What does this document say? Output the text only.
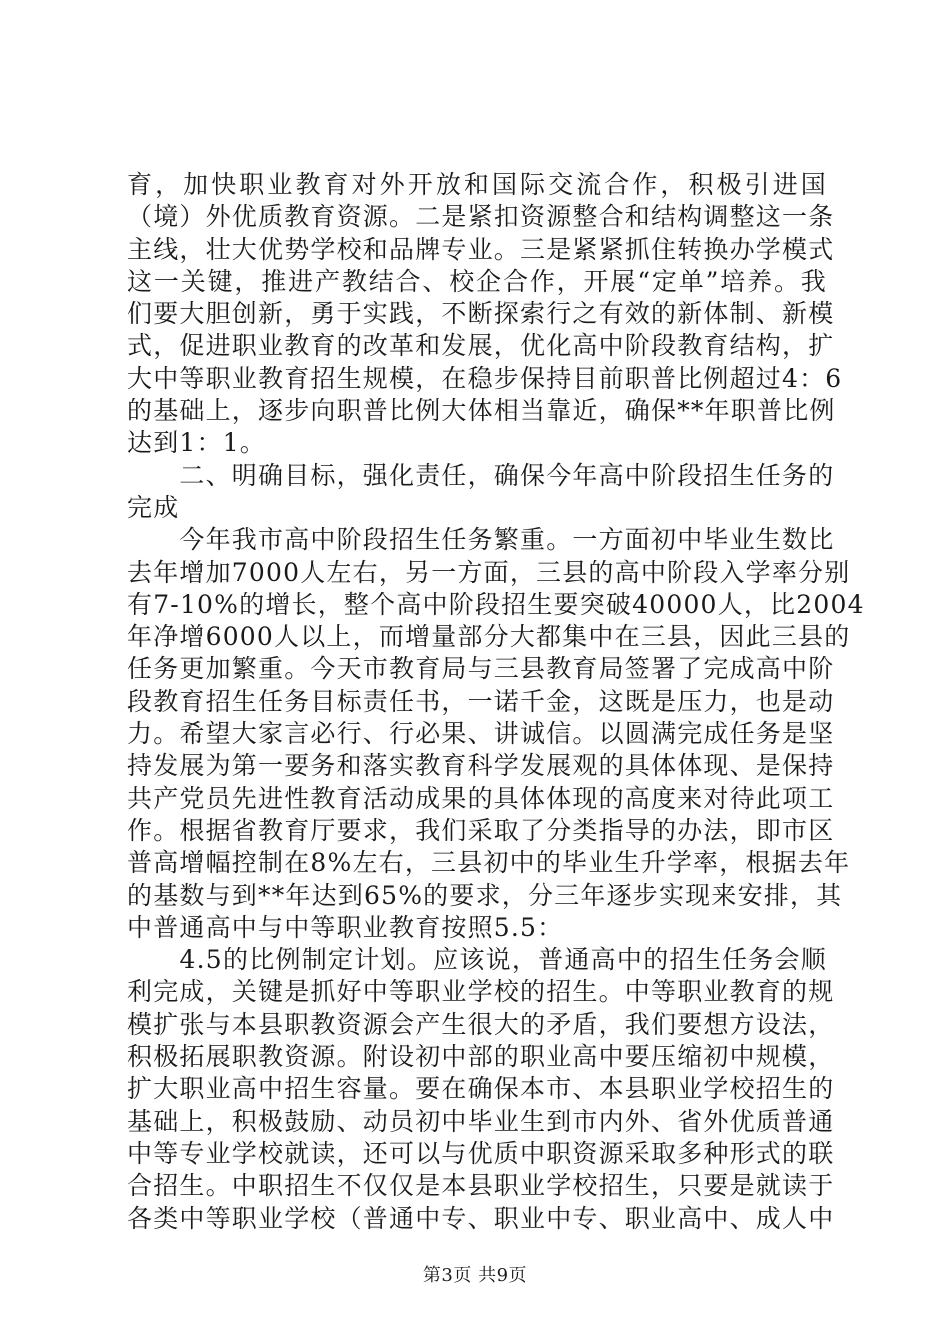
育，加快职业教育对外开放和国际交流合作，积极引进国
（境）外优质教育资源。二是紧扣资源整合和结构调整这一条
主线，壮大优势学校和品牌专业。三是紧紧抓住转换办学模式
这一关键，推进产教结合、校企合作，开展“定单”培养。我
们要大胆创新，勇于实践，不断探索行之有效的新体制、新模
式，促进职业教育的改革和发展，优化高中阶段教育结构，扩
大中等职业教育招生规模，在稳步保持目前职普比例超过4：6
的基础上，逐步向职普比例大体相当靠近，确保**年职普比例
达到1：1。
　　二、明确目标，强化责任，确保今年高中阶段招生任务的
完成
　　今年我市高中阶段招生任务繁重。一方面初中毕业生数比
去年增加7000人左右，另一方面，三县的高中阶段入学率分别
有7-10%的增长，整个高中阶段招生要突破40000人，比2004
年净增6000人以上，而增量部分大都集中在三县，因此三县的
任务更加繁重。今天市教育局与三县教育局签署了完成高中阶
段教育招生任务目标责任书，一诺千金，这既是压力，也是动
力。希望大家言必行、行必果、讲诚信。以圆满完成任务是坚
持发展为第一要务和落实教育科学发展观的具体体现、是保持
共产党员先进性教育活动成果的具体体现的高度来对待此项工
作。根据省教育厅要求，我们采取了分类指导的办法，即市区
普高增幅控制在8%左右，三县初中的毕业生升学率，根据去年
的基数与到**年达到65%的要求，分三年逐步实现来安排，其
中普通高中与中等职业教育按照5.5：
　　4.5的比例制定计划。应该说，普通高中的招生任务会顺
利完成，关键是抓好中等职业学校的招生。中等职业教育的规
模扩张与本县职教资源会产生很大的矛盾，我们要想方设法，
积极拓展职教资源。附设初中部的职业高中要压缩初中规模，
扩大职业高中招生容量。要在确保本市、本县职业学校招生的
基础上，积极鼓励、动员初中毕业生到市内外、省外优质普通
中等专业学校就读，还可以与优质中职资源采取多种形式的联
合招生。中职招生不仅仅是本县职业学校招生，只要是就读于
各类中等职业学校（普通中专、职业中专、职业高中、成人中
第3页 共9页
